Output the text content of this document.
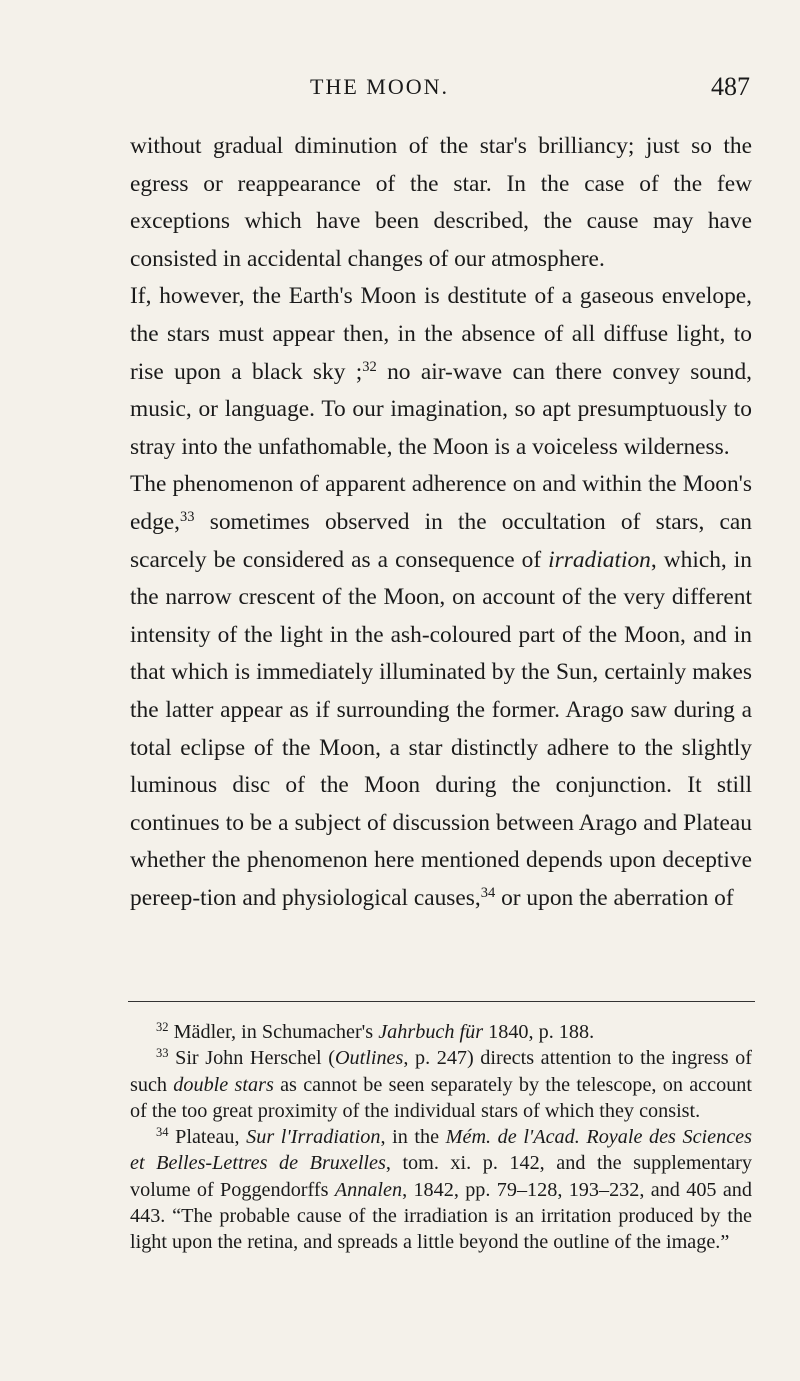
THE MOON.	487

without gradual diminution of the star's brilliancy; just so the egress or reappearance of the star. In the case of the few exceptions which have been described, the cause may have consisted in accidental changes of our atmosphere.

If, however, the Earth's Moon is destitute of a gaseous envelope, the stars must appear then, in the absence of all diffuse light, to rise upon a black sky ;$^{32}$ no air-wave can there convey sound, music, or language. To our imagination, so apt presumptuously to stray into the unfathomable, the Moon is a voiceless wilderness.

The phenomenon of apparent adherence on and within the Moon's edge,$^{33}$ sometimes observed in the occultation of stars, can scarcely be considered as a consequence of irradiation, which, in the narrow crescent of the Moon, on account of the very different intensity of the light in the ash-coloured part of the Moon, and in that which is immediately illuminated by the Sun, certainly makes the latter appear as if surrounding the former. Arago saw during a total eclipse of the Moon, a star distinctly adhere to the slightly luminous disc of the Moon during the conjunction. It still continues to be a subject of discussion between Arago and Plateau whether the phenomenon here mentioned depends upon deceptive pereep-tion and physiological causes,$^{34}$ or upon the aberration of

$^{32}$ Mädler, in Schumacher's Jahrbuch für 1840, p. 188.

$^{33}$ Sir John Herschel (Outlines, p. 247) directs attention to the ingress of such double stars as cannot be seen separately by the telescope, on account of the too great proximity of the individual stars of which they consist.

$^{34}$ Plateau, Sur l'Irradiation, in the Mém. de l'Acad. Royale des Sciences et Belles-Lettres de Bruxelles, tom. xi. p. 142, and the supplementary volume of Poggendorffs Annalen, 1842, pp. 79–128, 193–232, and 405 and 443. “The probable cause of the irradiation is an irritation produced by the light upon the retina, and spreads a little beyond the outline of the image.”
